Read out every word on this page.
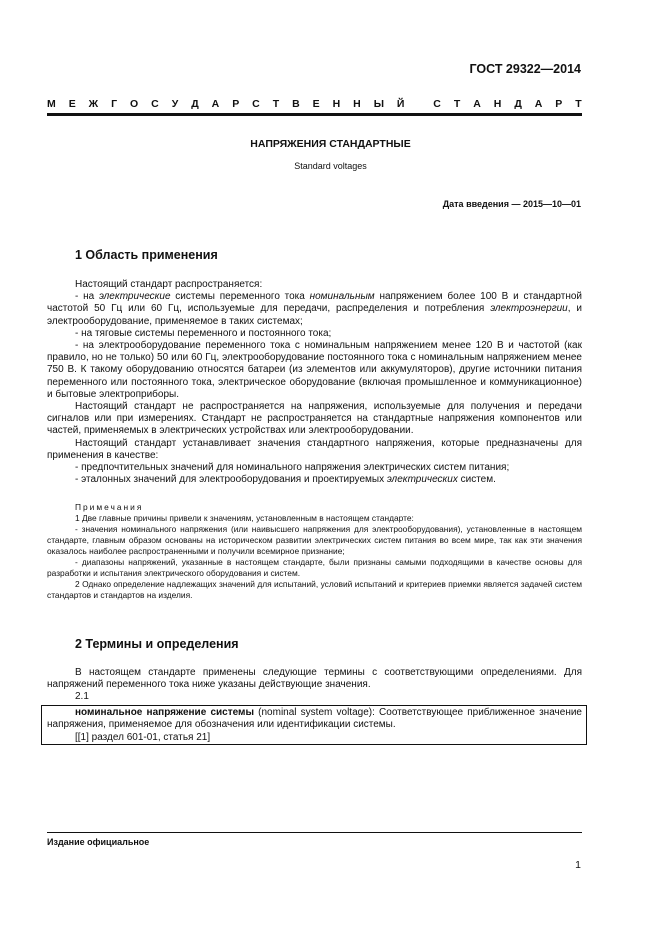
ГОСТ 29322—2014
М Е Ж Г О С У Д А Р С Т В Е Н Н Ы Й
	С Т А Н Д А Р Т
НАПРЯЖЕНИЯ СТАНДАРТНЫЕ
Standard voltages
Дата введения — 2015—10—01
1 Область применения

Настоящий стандарт распространяется:

- на электрические системы переменного тока номинальным напряжением более 100 В и стандартной частотой 50 Гц или 60 Гц, используемые для передачи, распределения и потребления электроэнергии, и электрооборудование, применяемое в таких системах;

- на тяговые системы переменного и постоянного тока;

- на электрооборудование переменного тока с номинальным напряжением менее 120 В и частотой (как правило, но не только) 50 или 60 Гц, электрооборудование постоянного тока с номинальным напряжением менее 750 В. К такому оборудованию относятся батареи (из элементов или аккумуляторов), другие источники питания переменного или постоянного тока, электрическое оборудование (включая промышленное и коммуникационное) и бытовые электроприборы.

Настоящий стандарт не распространяется на напряжения, используемые для получения и передачи сигналов или при измерениях. Стандарт не распространяется на стандартные напряжения компонентов или частей, применяемых в электрических устройствах или электрооборудовании.

Настоящий стандарт устанавливает значения стандартного напряжения, которые предназначены для применения в качестве:

- предпочтительных значений для номинального напряжения электрических систем питания;

- эталонных значений для электрооборудования и проектируемых электрических систем.

Примечания

1 Две главные причины привели к значениям, установленным в настоящем стандарте:

- значения номинального напряжения (или наивысшего напряжения для электрооборудования), установленные в настоящем стандарте, главным образом основаны на историческом развитии электрических систем питания во всем мире, так как эти значения оказалось наиболее распространенными и получили всемирное признание;

- диапазоны напряжений, указанные в настоящем стандарте, были признаны самыми подходящими в качестве основы для разработки и испытания электрического оборудования и систем.

2 Однако определение надлежащих значений для испытаний, условий испытаний и критериев приемки является задачей систем стандартов и стандартов на изделия.

2 Термины и определения

В настоящем стандарте применены следующие термины с соответствующими определениями. Для напряжений переменного тока ниже указаны действующие значения.

2.1

номинальное напряжение системы (nominal system voltage): Соответствующее приближенное значение напряжения, применяемое для обозначения или идентификации системы.

[[1] раздел 601-01, статья 21]

Издание официальное
1
